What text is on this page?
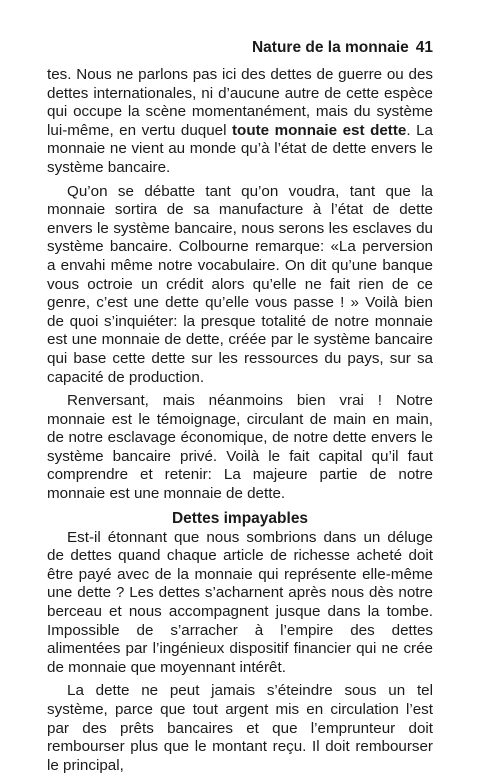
Nature de la monnaie 41

tes. Nous ne parlons pas ici des dettes de guerre ou des dettes internationales, ni d’aucune autre de cette espèce qui occupe la scène momentanément, mais du système lui-même, en vertu duquel toute monnaie est dette. La monnaie ne vient au monde qu’à l’état de dette envers le système bancaire.

Qu’on se débatte tant qu’on voudra, tant que la monnaie sortira de sa manufacture à l’état de dette envers le système bancaire, nous serons les esclaves du système bancaire. Colbourne remarque: «La perversion a envahi même notre vocabulaire. On dit qu’une banque vous octroie un crédit alors qu’elle ne fait rien de ce genre, c’est une dette qu’elle vous passe ! » Voilà bien de quoi s’inquiéter: la presque totalité de notre monnaie est une monnaie de dette, créée par le système bancaire qui base cette dette sur les ressources du pays, sur sa capacité de production.

Renversant, mais néanmoins bien vrai ! Notre monnaie est le témoignage, circulant de main en main, de notre esclavage économique, de notre dette envers le système bancaire privé. Voilà le fait capital qu’il faut comprendre et retenir: La majeure partie de notre monnaie est une monnaie de dette.

Dettes impayables

Est-il étonnant que nous sombrions dans un déluge de dettes quand chaque article de richesse acheté doit être payé avec de la monnaie qui représente elle-même une dette ? Les dettes s’acharnent après nous dès notre berceau et nous accompagnent jusque dans la tombe. Impossible de s’arracher à l’empire des dettes alimentées par l’ingénieux dispositif financier qui ne crée de monnaie que moyennant intérêt.

La dette ne peut jamais s’éteindre sous un tel système, parce que tout argent mis en circulation l’est par des prêts bancaires et que l’emprunteur doit rembourser plus que le montant reçu. Il doit rembourser le principal,
